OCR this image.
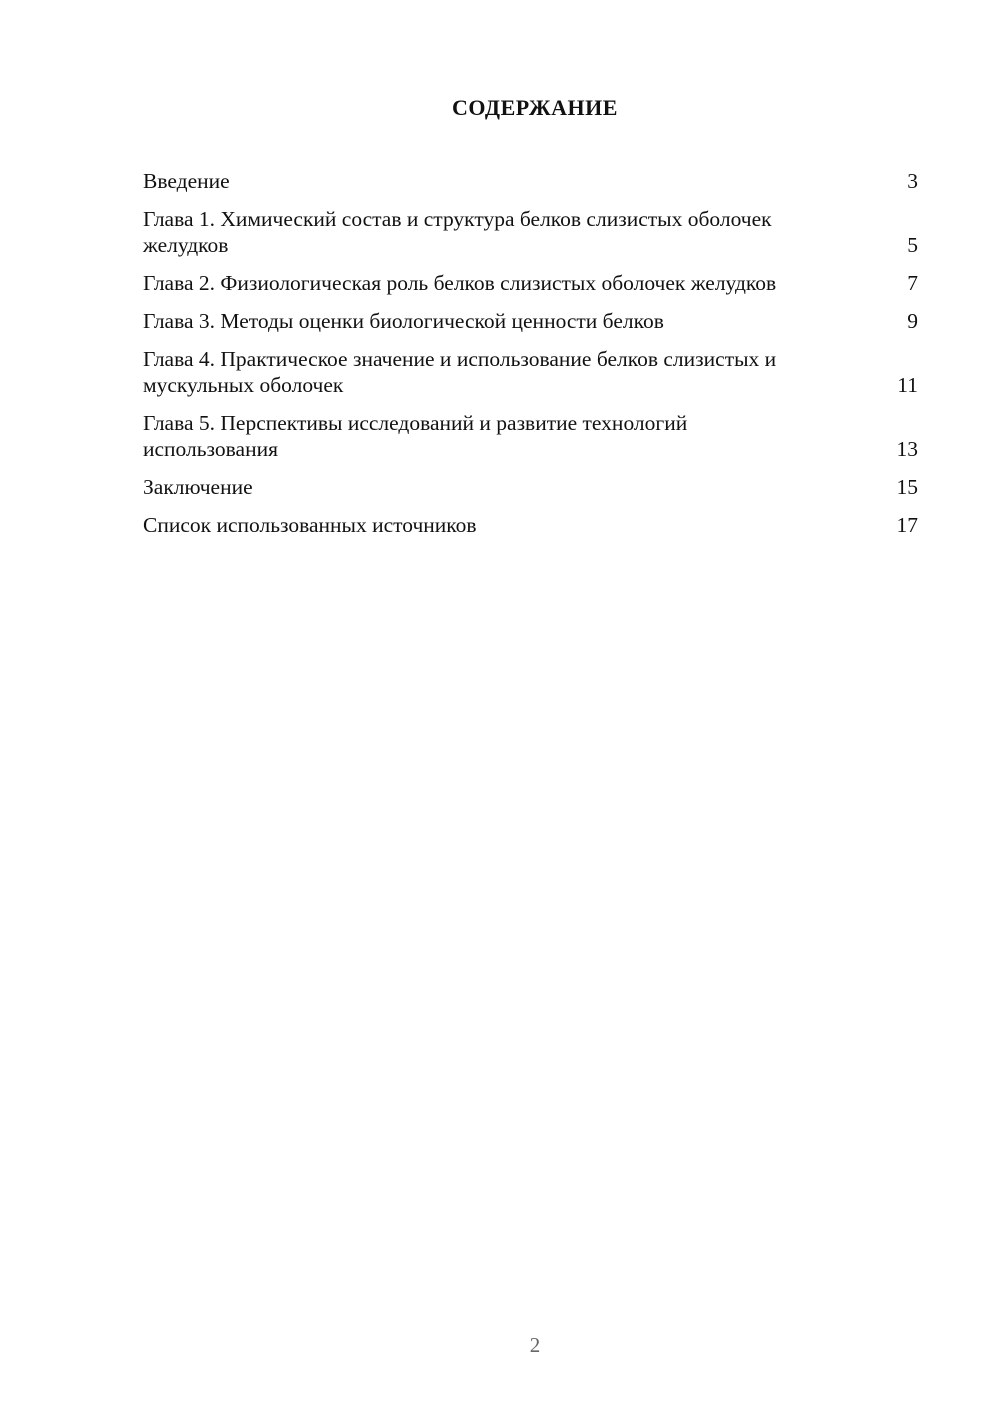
СОДЕРЖАНИЕ
Введение	3
Глава 1. Химический состав и структура белков слизистых оболочек желудков	5
Глава 2. Физиологическая роль белков слизистых оболочек желудков	7
Глава 3. Методы оценки биологической ценности белков	9
Глава 4. Практическое значение и использование белков слизистых и мускульных оболочек	11
Глава 5. Перспективы исследований и развитие технологий использования	13
Заключение	15
Список использованных источников	17
2
